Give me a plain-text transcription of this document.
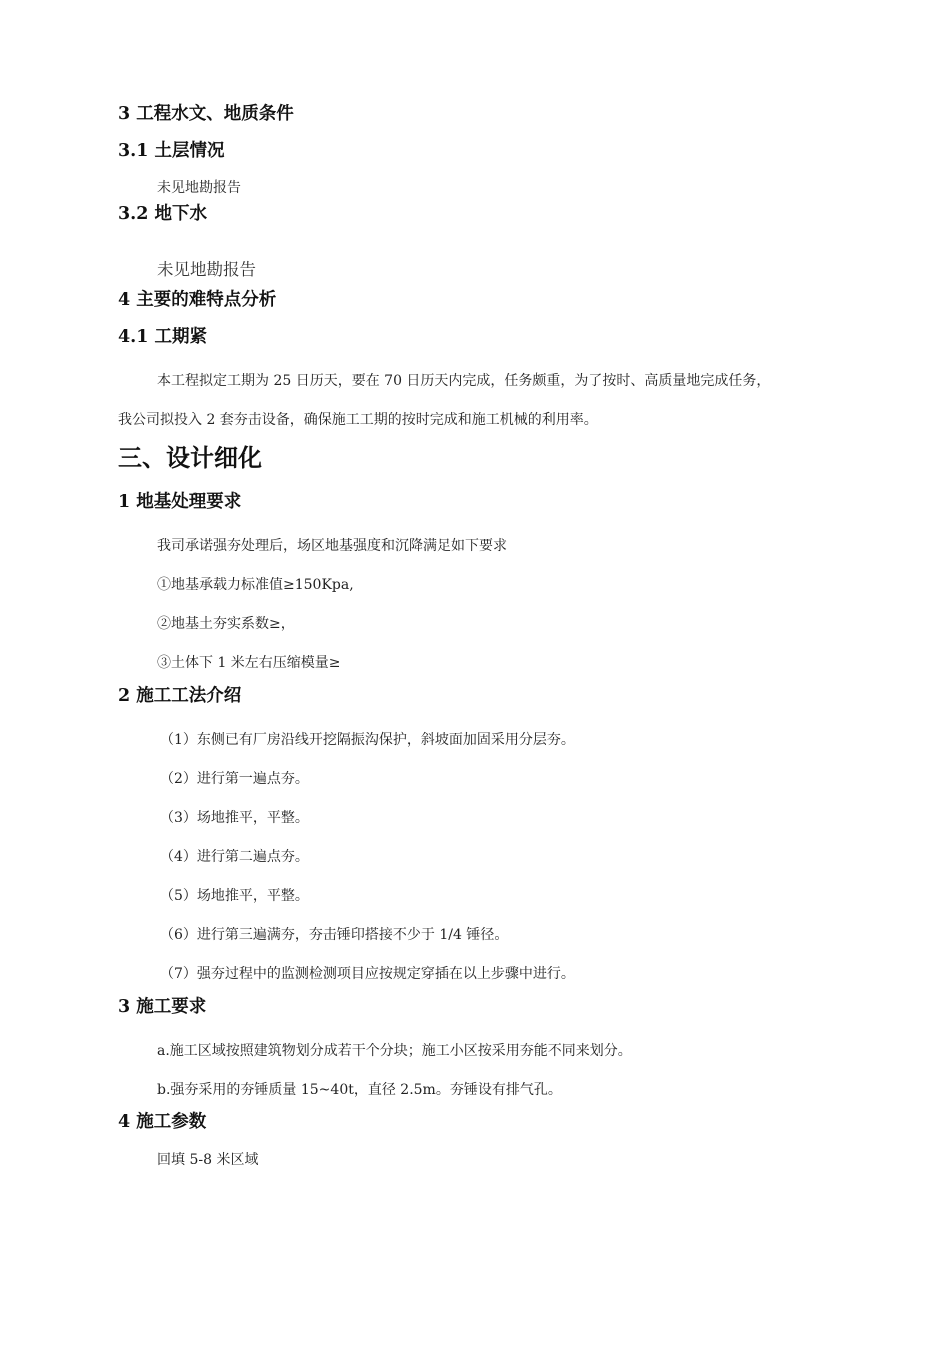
3 工程水文、地质条件
3.1 土层情况
未见地勘报告
3.2 地下水
未见地勘报告
4 主要的难特点分析
4.1 工期紧
本工程拟定工期为 25 日历天，要在 70 日历天内完成，任务颇重，为了按时、高质量地完成任务，
我公司拟投入 2 套夯击设备，确保施工工期的按时完成和施工机械的利用率。
三、设计细化
1 地基处理要求
我司承诺强夯处理后，场区地基强度和沉降满足如下要求
①地基承载力标准值≥150Kpa,
②地基土夯实系数≥，
③土体下 1 米左右压缩模量≥
2 施工工法介绍
（1）东侧已有厂房沿线开挖隔振沟保护，斜坡面加固采用分层夯。
（2）进行第一遍点夯。
（3）场地推平，平整。
（4）进行第二遍点夯。
（5）场地推平，平整。
（6）进行第三遍满夯，夯击锤印搭接不少于 1/4 锤径。
（7）强夯过程中的监测检测项目应按规定穿插在以上步骤中进行。
3 施工要求
a.施工区域按照建筑物划分成若干个分块；施工小区按采用夯能不同来划分。
b.强夯采用的夯锤质量 15~40t，直径 2.5m。夯锤设有排气孔。
4 施工参数
回填 5-8 米区域
